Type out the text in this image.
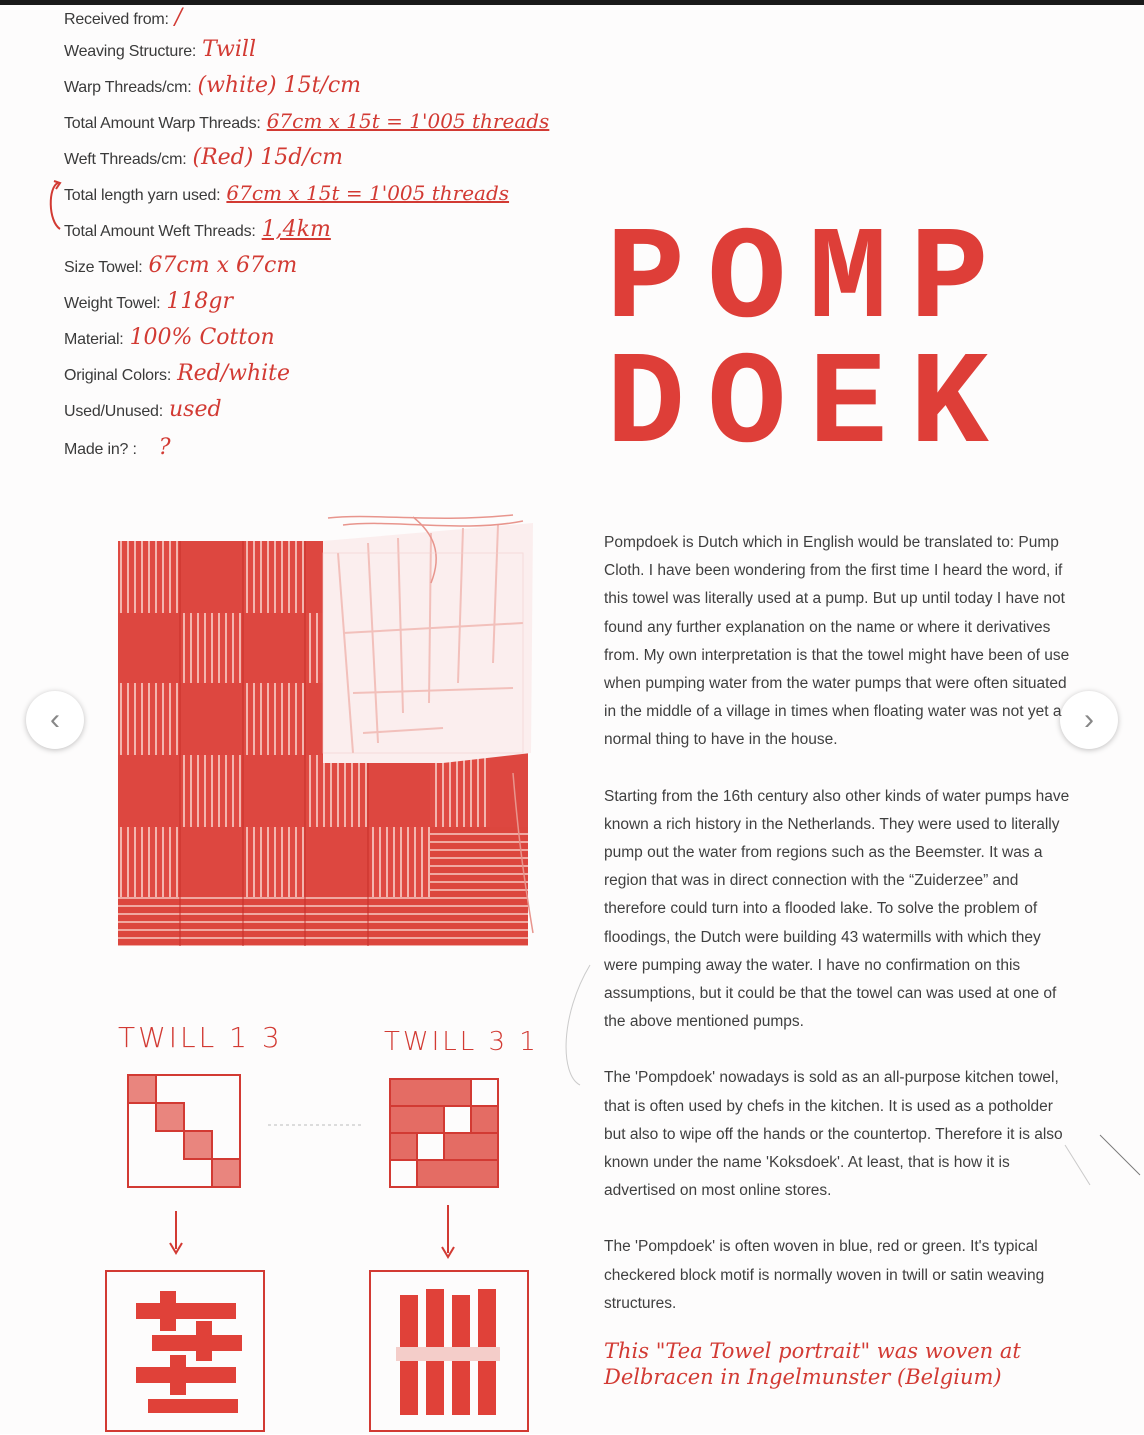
Received from: /
Weaving Structure: Twill
Warp Threads/cm: (white) 15t/cm
Total Amount Warp Threads: 67cm x 15t = 1'005 threads
Weft Threads/cm: (Red) 15d/cm
Total length yarn used: 67cm x 15t = 1'005 threads
Total Amount Weft Threads: 1,4km
Size Towel: 67cm x 67cm
Weight Towel: 118gr
Material: 100% Cotton
Original Colors: Red/white
Used/Unused: used
Made in? : ?
POMP
DOEK
‹	›
TWILL 1 3	TWILL 3 1

Pompdoek is Dutch which in English would be translated to: Pump Cloth. I have been wondering from the first time I heard the word, if this towel was literally used at a pump. But up until today I have not found any further explanation on the name or where it derivatives from. My own interpretation is that the towel might have been of use when pumping water from the water pumps that were often situated in the middle of a village in times when floating water was not yet a normal thing to have in the house.

Starting from the 16th century also other kinds of water pumps have known a rich history in the Netherlands. They were used to literally pump out the water from regions such as the Beemster. It was a region that was in direct connection with the “Zuiderzee” and therefore could turn into a flooded lake. To solve the problem of floodings, the Dutch were building 43 watermills with which they were pumping away the water. I have no confirmation on this assumptions, but it could be that the towel can was used at one of the above mentioned pumps.

The 'Pompdoek' nowadays is sold as an all-purpose kitchen towel, that is often used by chefs in the kitchen. It is used as a potholder but also to wipe off the hands or the countertop. Therefore it is also known under the name 'Koksdoek'. At least, that is how it is advertised on most online stores.

The 'Pompdoek' is often woven in blue, red or green. It's typical checkered block motif is normally woven in twill or satin weaving structures.

This "Tea Towel portrait" was woven at Delbracen in Ingelmunster (Belgium)
